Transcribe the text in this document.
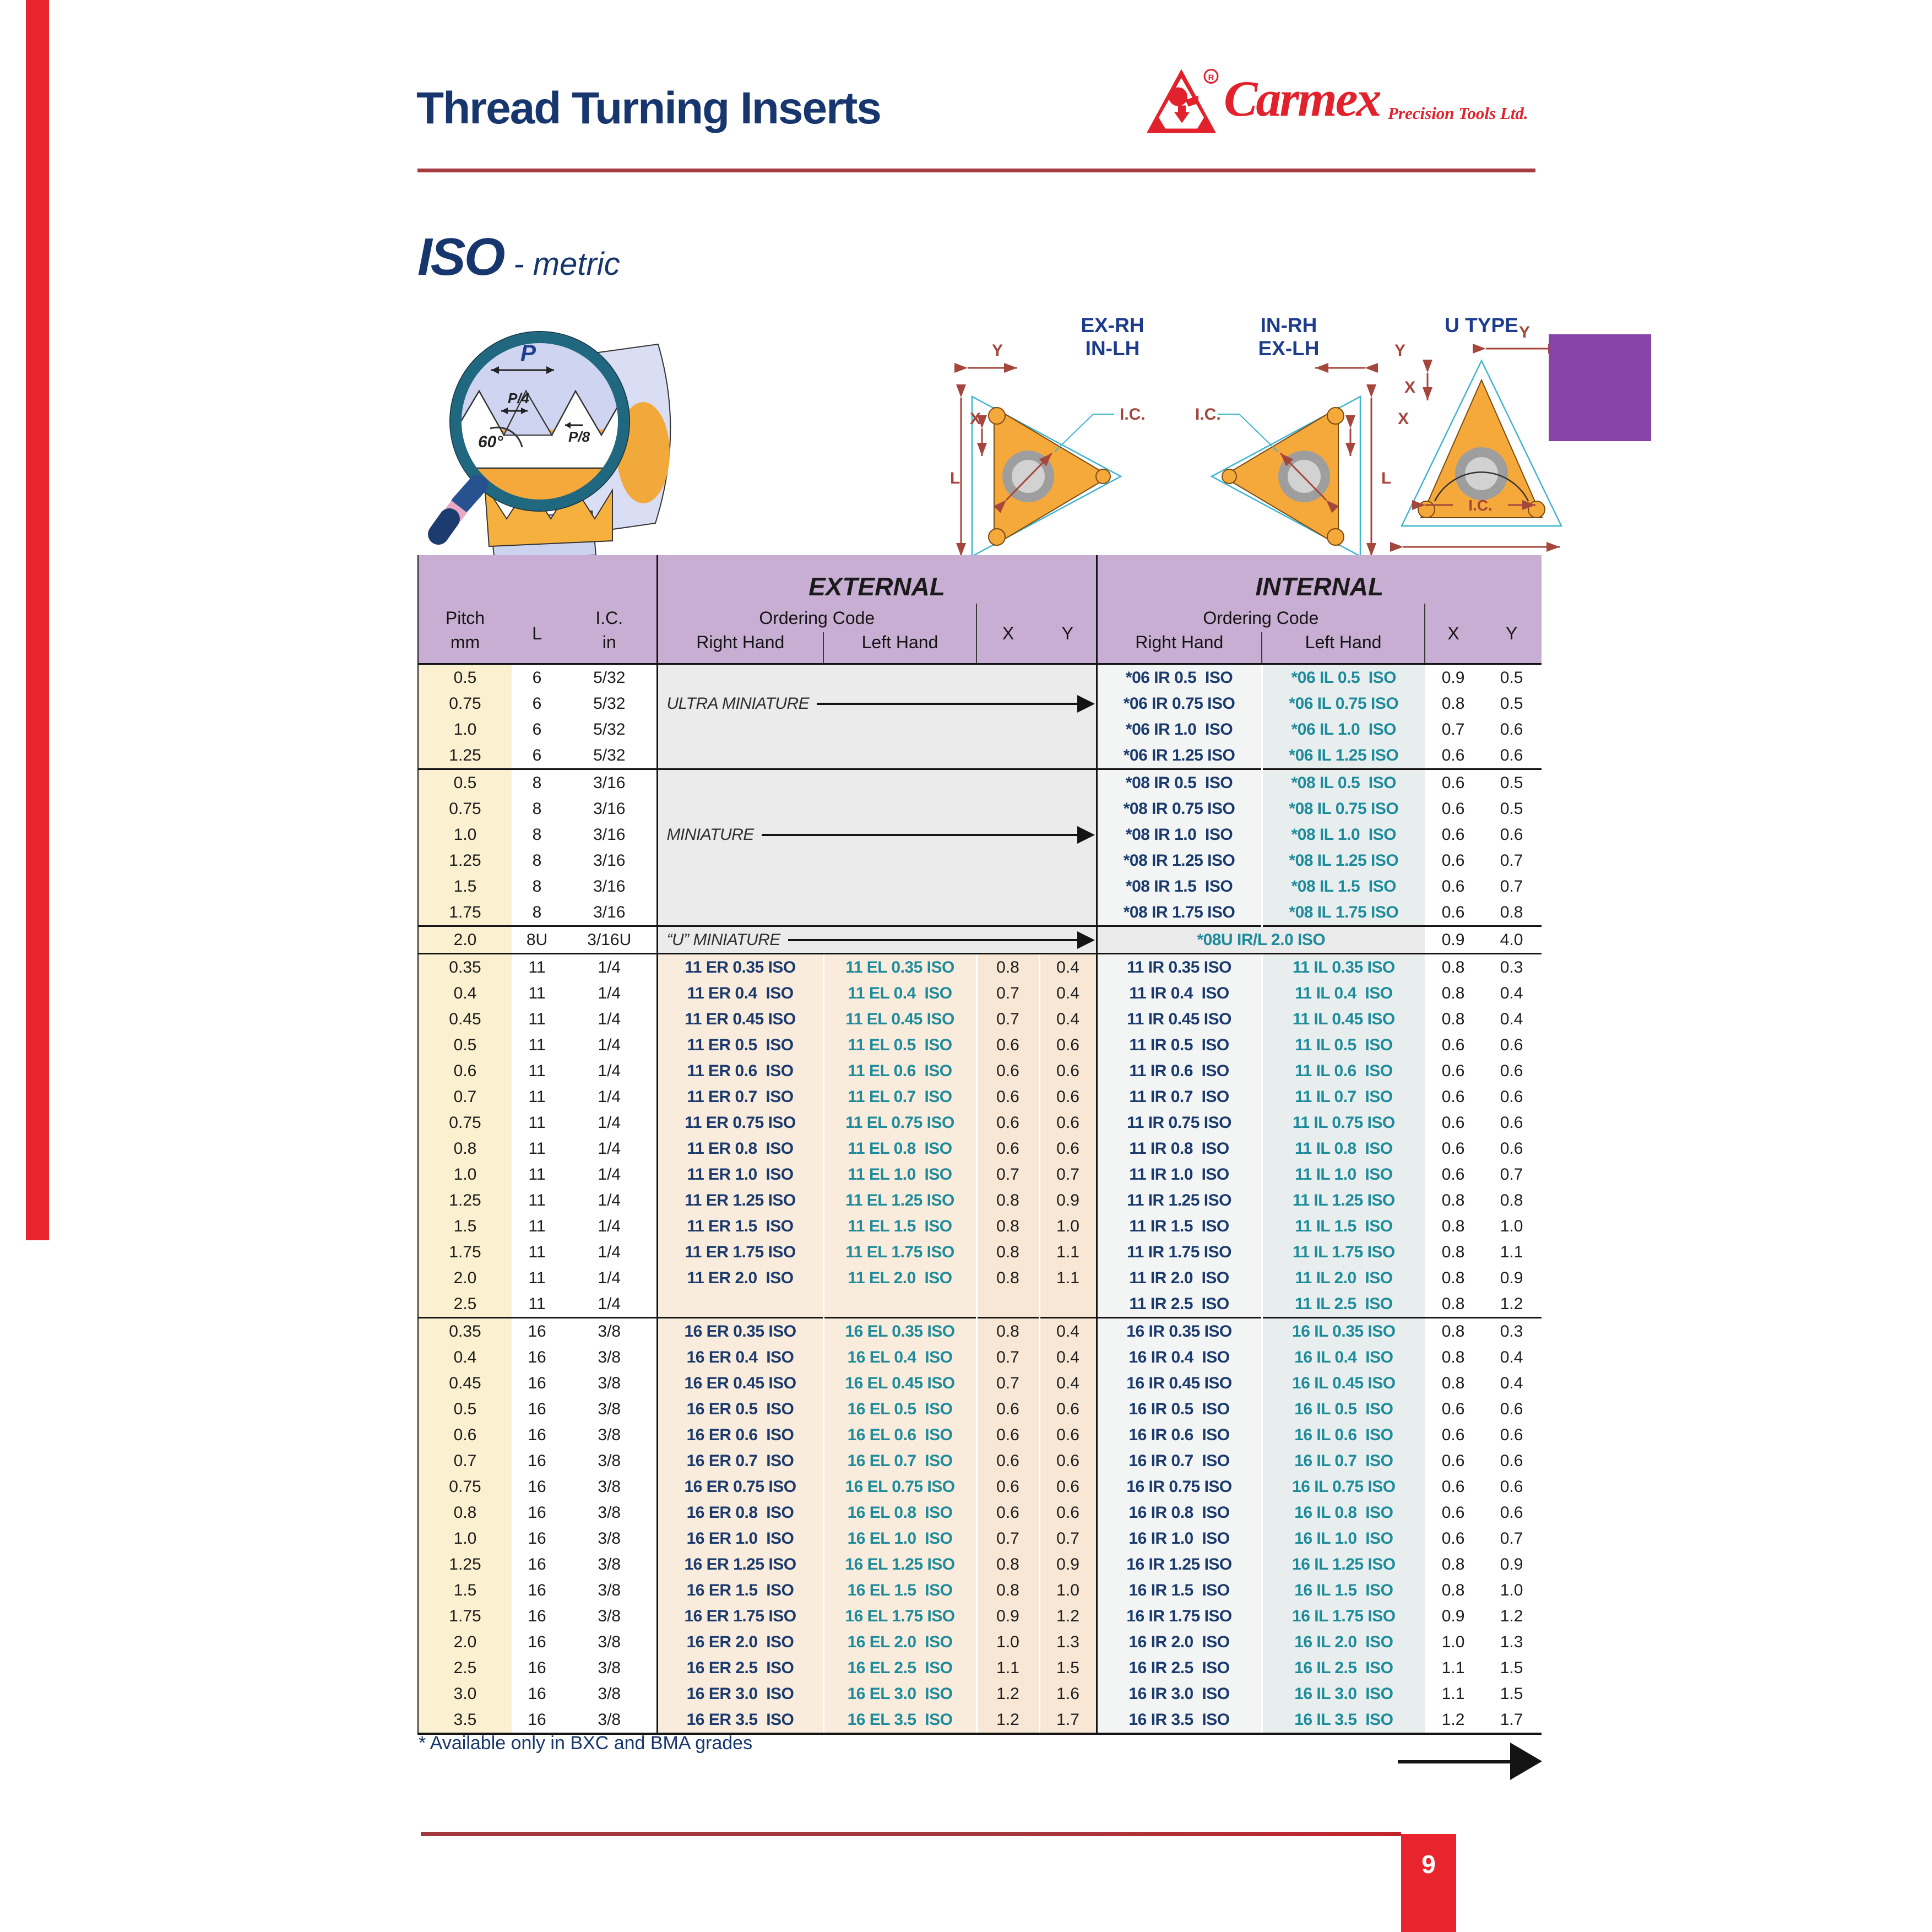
Thread Turning Inserts
R Carmex Precision Tools Ltd.
ISO - metric
P
P/4
P/8
60°
EX-RH
IN-LH
IN-RH
EX-LH
U TYPE
L
Y
X	I.C.
L
Y
X
I.C.
Y
X
I.C.
			EXTERNAL				INTERNAL			
Pitch	L	I.C.	Ordering Code		X	Y	Ordering Code		X	Y
mm		in	Right Hand	Left Hand			Right Hand	Left Hand		
0.5	6	5/32					*06 IR 0.5  ISO	*06 IL 0.5  ISO	0.9	0.5
0.75	6	5/32	ULTRA MINIATURE				*06 IR 0.75 ISO	*06 IL 0.75 ISO	0.8	0.5
1.0	6	5/32					*06 IR 1.0  ISO	*06 IL 1.0  ISO	0.7	0.6
1.25	6	5/32					*06 IR 1.25 ISO	*06 IL 1.25 ISO	0.6	0.6
0.5	8	3/16					*08 IR 0.5  ISO	*08 IL 0.5  ISO	0.6	0.5
0.75	8	3/16					*08 IR 0.75 ISO	*08 IL 0.75 ISO	0.6	0.5
1.0	8	3/16	MINIATURE				*08 IR 1.0  ISO	*08 IL 1.0  ISO	0.6	0.6
1.25	8	3/16					*08 IR 1.25 ISO	*08 IL 1.25 ISO	0.6	0.7
1.5	8	3/16					*08 IR 1.5  ISO	*08 IL 1.5  ISO	0.6	0.7
1.75	8	3/16					*08 IR 1.75 ISO	*08 IL 1.75 ISO	0.6	0.8
2.0	8U	3/16U	“U” MINIATURE				*08U IR/L 2.0 ISO		0.9	4.0
0.35	11	1/4	11 ER 0.35 ISO	11 EL 0.35 ISO	0.8	0.4	11 IR 0.35 ISO	11 IL 0.35 ISO	0.8	0.3
0.4	11	1/4	11 ER 0.4  ISO	11 EL 0.4  ISO	0.7	0.4	11 IR 0.4  ISO	11 IL 0.4  ISO	0.8	0.4
0.45	11	1/4	11 ER 0.45 ISO	11 EL 0.45 ISO	0.7	0.4	11 IR 0.45 ISO	11 IL 0.45 ISO	0.8	0.4
0.5	11	1/4	11 ER 0.5  ISO	11 EL 0.5  ISO	0.6	0.6	11 IR 0.5  ISO	11 IL 0.5  ISO	0.6	0.6
0.6	11	1/4	11 ER 0.6  ISO	11 EL 0.6  ISO	0.6	0.6	11 IR 0.6  ISO	11 IL 0.6  ISO	0.6	0.6
0.7	11	1/4	11 ER 0.7  ISO	11 EL 0.7  ISO	0.6	0.6	11 IR 0.7  ISO	11 IL 0.7  ISO	0.6	0.6
0.75	11	1/4	11 ER 0.75 ISO	11 EL 0.75 ISO	0.6	0.6	11 IR 0.75 ISO	11 IL 0.75 ISO	0.6	0.6
0.8	11	1/4	11 ER 0.8  ISO	11 EL 0.8  ISO	0.6	0.6	11 IR 0.8  ISO	11 IL 0.8  ISO	0.6	0.6
1.0	11	1/4	11 ER 1.0  ISO	11 EL 1.0  ISO	0.7	0.7	11 IR 1.0  ISO	11 IL 1.0  ISO	0.6	0.7
1.25	11	1/4	11 ER 1.25 ISO	11 EL 1.25 ISO	0.8	0.9	11 IR 1.25 ISO	11 IL 1.25 ISO	0.8	0.8
1.5	11	1/4	11 ER 1.5  ISO	11 EL 1.5  ISO	0.8	1.0	11 IR 1.5  ISO	11 IL 1.5  ISO	0.8	1.0
1.75	11	1/4	11 ER 1.75 ISO	11 EL 1.75 ISO	0.8	1.1	11 IR 1.75 ISO	11 IL 1.75 ISO	0.8	1.1
2.0	11	1/4	11 ER 2.0  ISO	11 EL 2.0  ISO	0.8	1.1	11 IR 2.0  ISO	11 IL 2.0  ISO	0.8	0.9
2.5	11	1/4					11 IR 2.5  ISO	11 IL 2.5  ISO	0.8	1.2
0.35	16	3/8	16 ER 0.35 ISO	16 EL 0.35 ISO	0.8	0.4	16 IR 0.35 ISO	16 IL 0.35 ISO	0.8	0.3
0.4	16	3/8	16 ER 0.4  ISO	16 EL 0.4  ISO	0.7	0.4	16 IR 0.4  ISO	16 IL 0.4  ISO	0.8	0.4
0.45	16	3/8	16 ER 0.45 ISO	16 EL 0.45 ISO	0.7	0.4	16 IR 0.45 ISO	16 IL 0.45 ISO	0.8	0.4
0.5	16	3/8	16 ER 0.5  ISO	16 EL 0.5  ISO	0.6	0.6	16 IR 0.5  ISO	16 IL 0.5  ISO	0.6	0.6
0.6	16	3/8	16 ER 0.6  ISO	16 EL 0.6  ISO	0.6	0.6	16 IR 0.6  ISO	16 IL 0.6  ISO	0.6	0.6
0.7	16	3/8	16 ER 0.7  ISO	16 EL 0.7  ISO	0.6	0.6	16 IR 0.7  ISO	16 IL 0.7  ISO	0.6	0.6
0.75	16	3/8	16 ER 0.75 ISO	16 EL 0.75 ISO	0.6	0.6	16 IR 0.75 ISO	16 IL 0.75 ISO	0.6	0.6
0.8	16	3/8	16 ER 0.8  ISO	16 EL 0.8  ISO	0.6	0.6	16 IR 0.8  ISO	16 IL 0.8  ISO	0.6	0.6
1.0	16	3/8	16 ER 1.0  ISO	16 EL 1.0  ISO	0.7	0.7	16 IR 1.0  ISO	16 IL 1.0  ISO	0.6	0.7
1.25	16	3/8	16 ER 1.25 ISO	16 EL 1.25 ISO	0.8	0.9	16 IR 1.25 ISO	16 IL 1.25 ISO	0.8	0.9
1.5	16	3/8	16 ER 1.5  ISO	16 EL 1.5  ISO	0.8	1.0	16 IR 1.5  ISO	16 IL 1.5  ISO	0.8	1.0
1.75	16	3/8	16 ER 1.75 ISO	16 EL 1.75 ISO	0.9	1.2	16 IR 1.75 ISO	16 IL 1.75 ISO	0.9	1.2
2.0	16	3/8	16 ER 2.0  ISO	16 EL 2.0  ISO	1.0	1.3	16 IR 2.0  ISO	16 IL 2.0  ISO	1.0	1.3
2.5	16	3/8	16 ER 2.5  ISO	16 EL 2.5  ISO	1.1	1.5	16 IR 2.5  ISO	16 IL 2.5  ISO	1.1	1.5
3.0	16	3/8	16 ER 3.0  ISO	16 EL 3.0  ISO	1.2	1.6	16 IR 3.0  ISO	16 IL 3.0  ISO	1.1	1.5
3.5	16	3/8	16 ER 3.5  ISO	16 EL 3.5  ISO	1.2	1.7	16 IR 3.5  ISO	16 IL 3.5  ISO	1.2	1.7
* Available only in BXC and BMA grades
9
